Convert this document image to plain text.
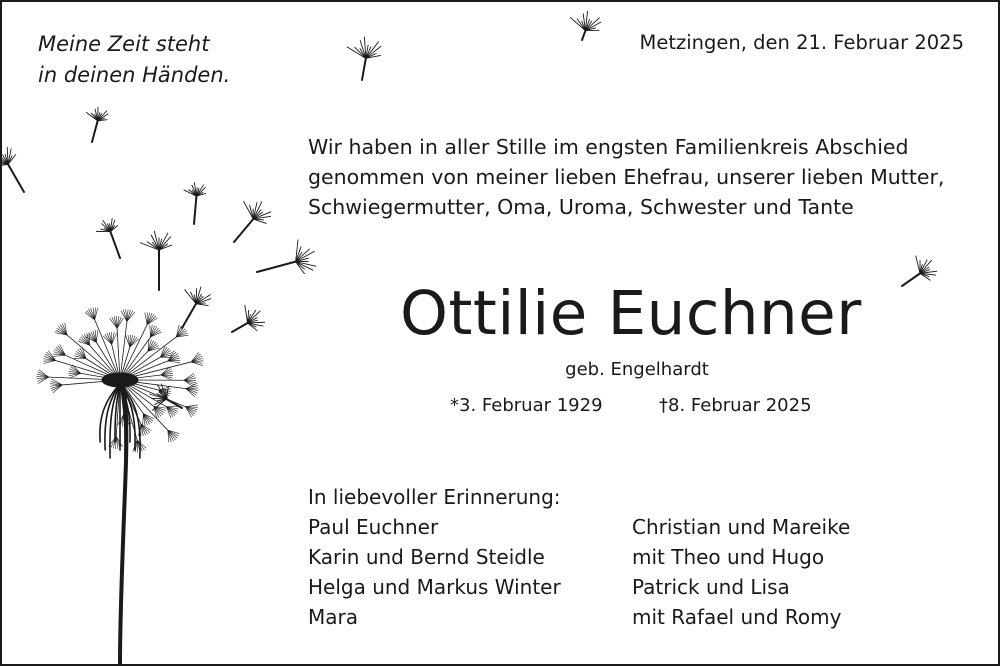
Meine Zeit steht
in deinen Händen.
Metzingen, den 21. Februar 2025
Wir haben in aller Stille im engsten Familienkreis Abschied
genommen von meiner lieben Ehefrau, unserer lieben Mutter,
Schwiegermutter, Oma, Uroma, Schwester und Tante
Ottilie Euchner
geb. Engelhardt
*3. Februar 1929	†8. Februar 2025
In liebevoller Erinnerung:
Paul Euchner
Karin und Bernd Steidle
Helga und Markus Winter
Mara
Christian und Mareike
mit Theo und Hugo
Patrick und Lisa
mit Rafael und Romy
